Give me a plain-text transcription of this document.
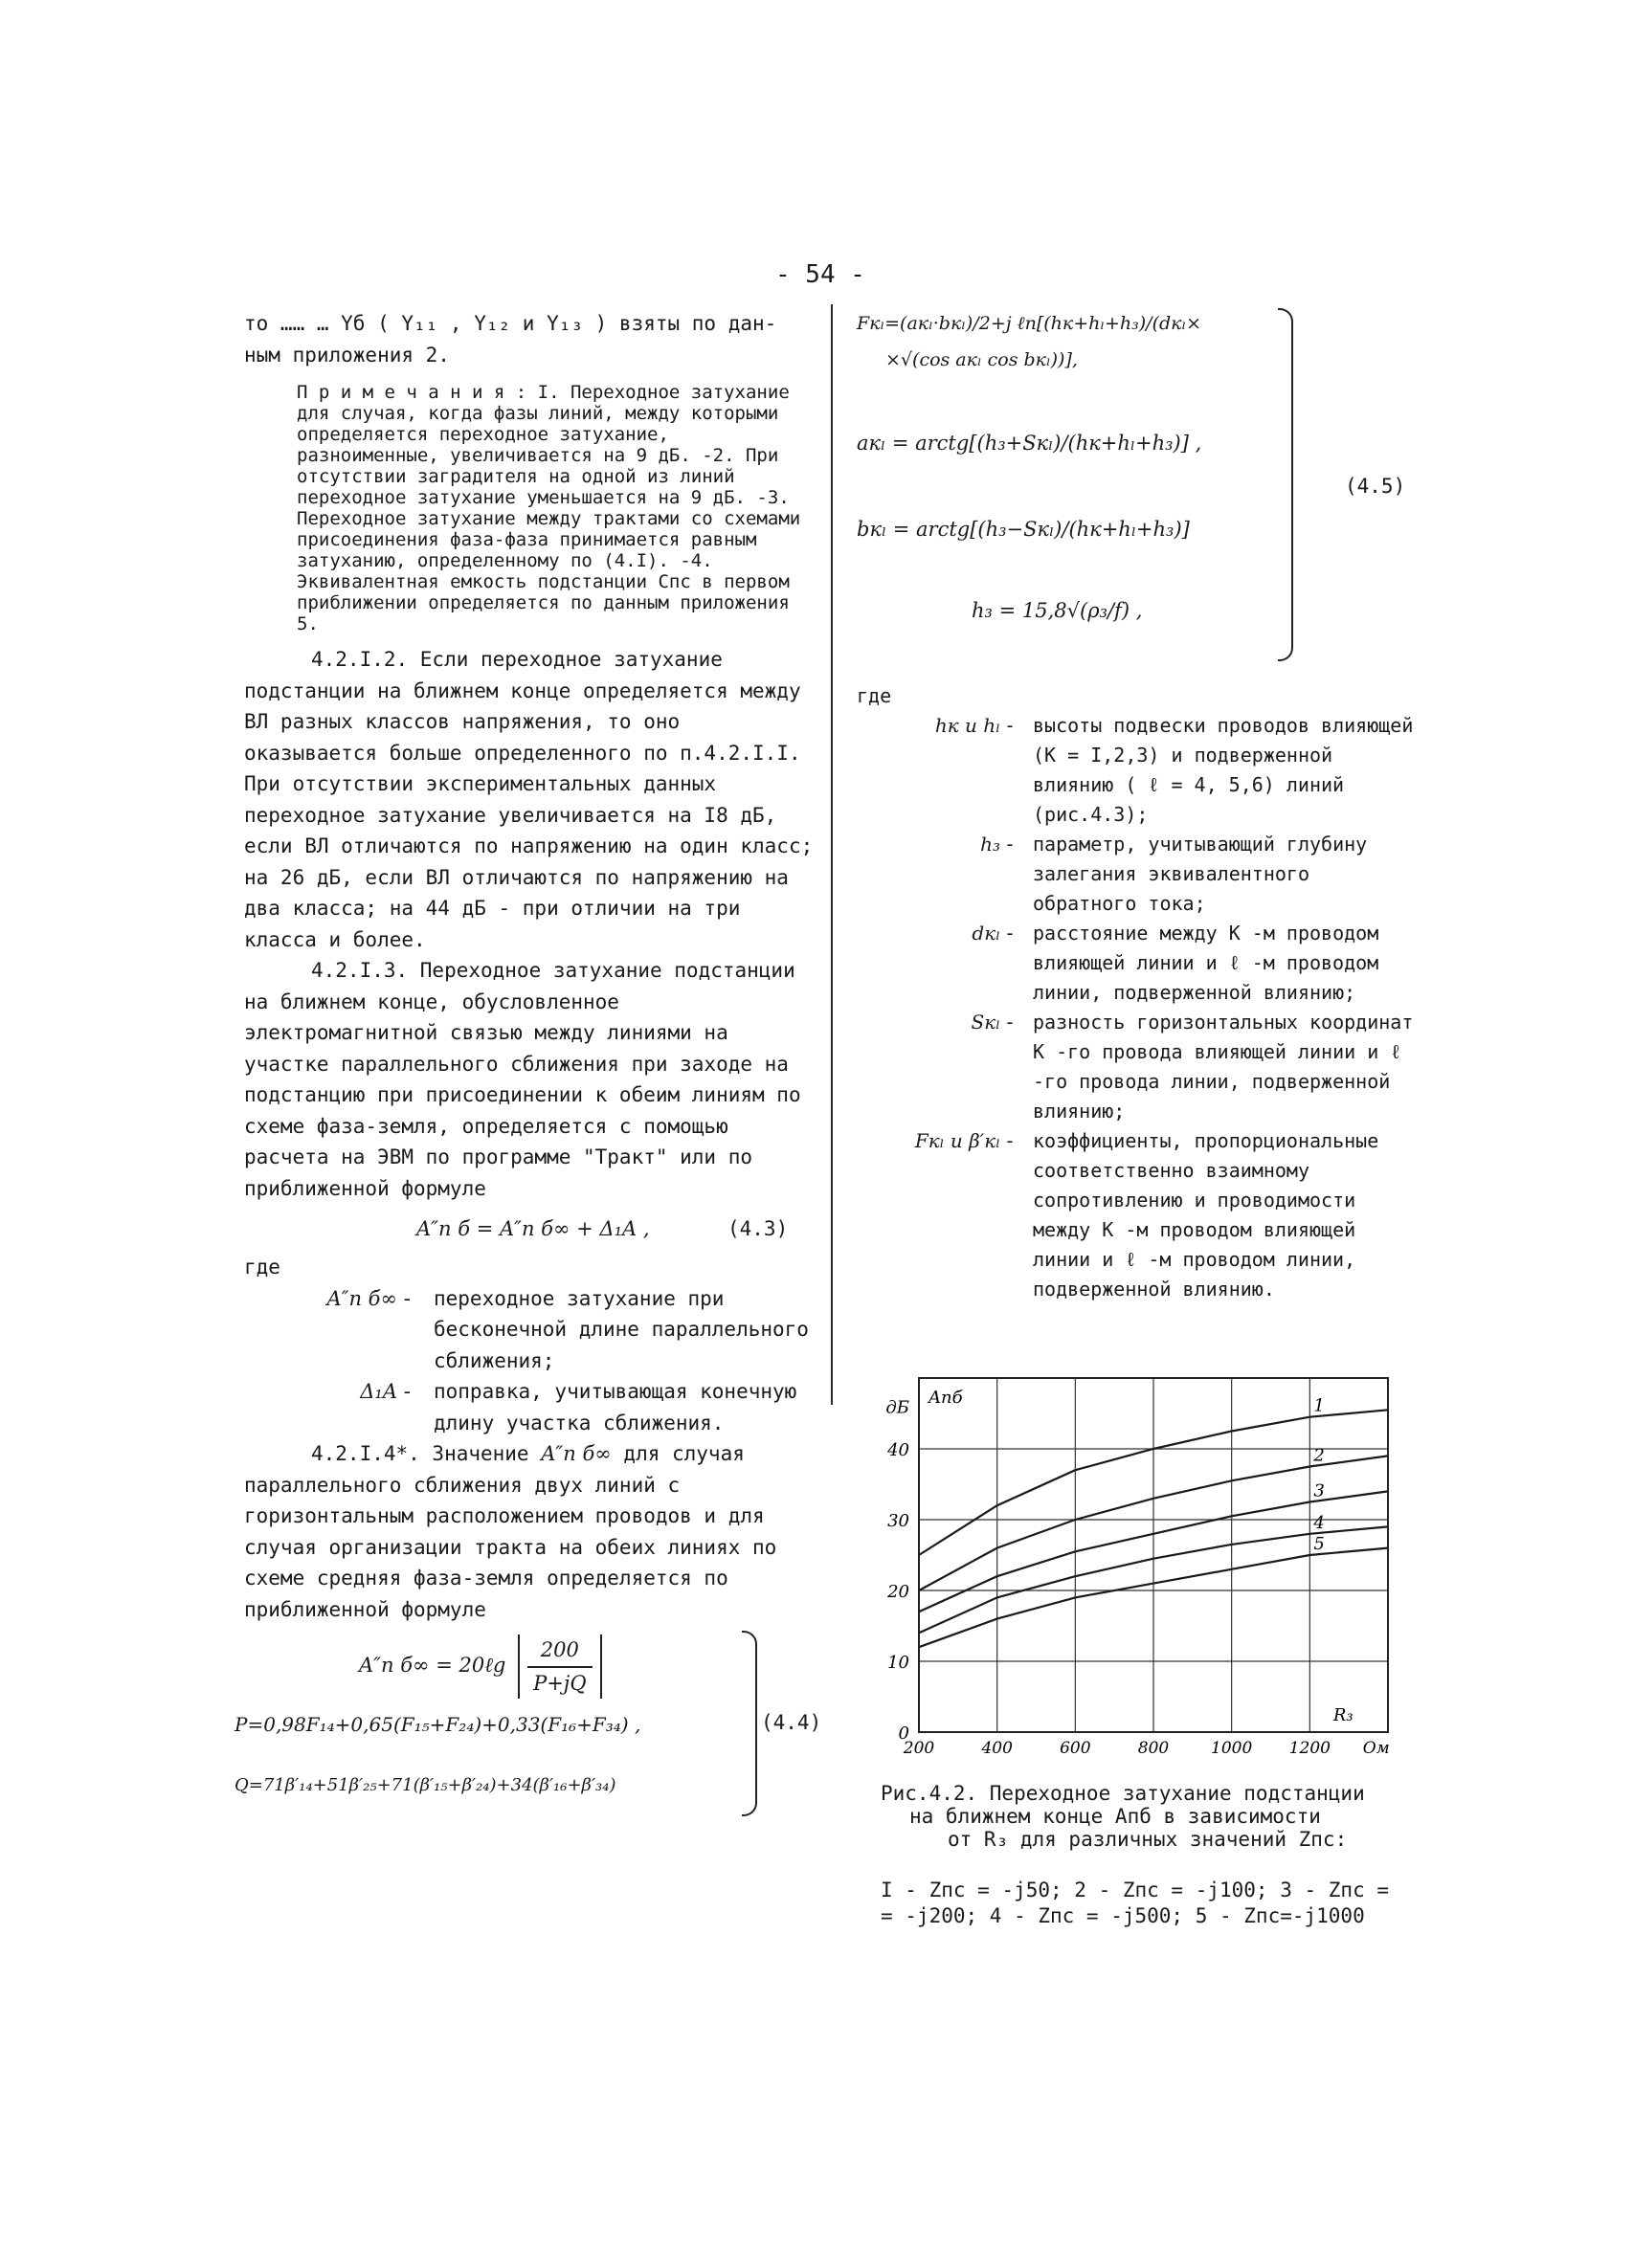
- 54 -

то …… … Yб ( Y₁₁ , Y₁₂ и Y₁₃ ) взяты по дан-

ным приложения 2.

П р и м е ч а н и я : I. Переходное затухание для случая, когда фазы линий, между которыми определяется переходное затухание, разноименные, увеличивается на 9 дБ. -2. При отсутствии заградителя на одной из линий переходное затухание уменьшается на 9 дБ. -3. Переходное затухание между трактами со схемами присоединения фаза-фаза принимается равным затуханию, определенному по (4.I). -4. Эквивалентная емкость подстанции Cпс в первом приближении определяется по данным приложения 5.

4.2.I.2. Если переходное затухание подстанции на ближнем конце определяется между ВЛ разных классов напряжения, то оно оказывается больше определенного по п.4.2.I.I. При отсутствии экспериментальных данных переходное затухание увеличивается на I8 дБ, если ВЛ отличаются по напряжению на один класс; на 26 дБ, если ВЛ отличаются по напряжению на два класса; на 44 дБ - при отличии на три класса и более.

4.2.I.3. Переходное затухание подстанции на ближнем конце, обусловленное электромагнитной связью между линиями на участке параллельного сближения при заходе на подстанцию при присоединении к обеим линиям по схеме фаза-земля, определяется с помощью расчета на ЭВМ по программе "Тракт" или по приближенной формуле

A″п б = A″п б∞ + Δ₁A ,	(4.3)
где
A″п б∞ -	переходное затухание при бесконечной длине параллельного сближения;
Δ₁A -	поправка, учитывающая конечную длину участка сближения.

4.2.I.4*. Значение A″п б∞ для случая параллельного сближения двух линий с горизонтальным расположением проводов и для случая организации тракта на обеих линиях по схеме средняя фаза-земля определяется по приближенной формуле

A″п б∞ = 20ℓg $\frac{200}{P+jQ}$
P=0,98F₁₄+0,65(F₁₅+F₂₄)+0,33(F₁₆+F₃₄) ,
Q=71β′₁₄+51β′₂₅+71(β′₁₅+β′₂₄)+34(β′₁₆+β′₃₄)
(4.4)
Fкₗ=(aкₗ·bкₗ)/2+j ℓn[(hк+hₗ+h₃)/(dкₗ×
×√(cos aкₗ cos bкₗ))],
aкₗ = arctg[(h₃+Sкₗ)/(hк+hₗ+h₃)] ,
bкₗ = arctg[(h₃−Sкₗ)/(hк+hₗ+h₃)]
h₃ = 15,8√(ρ₃/f) ,
(4.5)
где
hк и hₗ - высоты подвески проводов влияющей (K = I,2,3) и подверженной влиянию ( ℓ = 4, 5,6) линий (рис.4.3);
h₃ - параметр, учитывающий глубину залегания эквивалентного обратного тока;
dкₗ - расстояние между K -м проводом влияющей линии и ℓ -м проводом линии, подверженной влиянию;
Sкₗ - разность горизонтальных координат K -го провода влияющей линии и ℓ -го провода линии, подверженной влиянию;
Fкₗ и β′кₗ - коэффициенты, пропорциональные соответственно взаимному сопротивлению и проводимости между K -м проводом влияющей линии и ℓ -м проводом линии, подверженной влиянию.
0
10
20
30
40
дБ
200	400	600	800	1000 1200 Ом
Aпб
R₃
1
2
3
4
5
Рис.4.2. Переходное затухание подстанции
на ближнем конце Aпб в зависимости
от R₃ для различных значений Zпс:
I - Zпс = -j50; 2 - Zпс = -j100; 3 - Zпс =
= -j200; 4 - Zпс = -j500; 5 - Zпс=-j1000
